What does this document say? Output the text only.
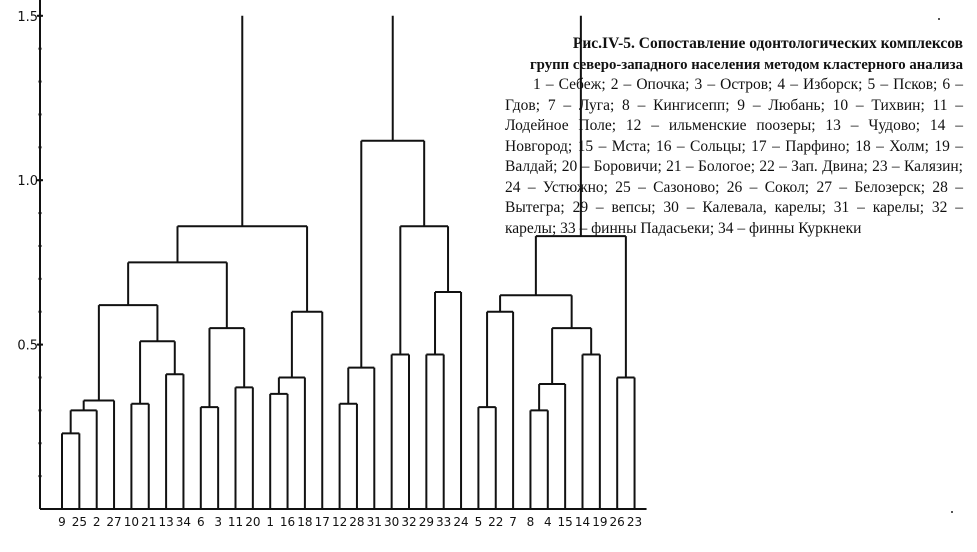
0.5
1.0
1.5
9 25 2 27 10 21 13 34 6 3 11 20 1 16 18 17 12 28 31 30 32 29 33 24 5 22 7 8 4 15 14 19 26 23
Рис.IV-5. Сопоставление одонтологических комплексов
групп северо-западного населения методом кластерного анализа
1 – Себеж; 2 – Опочка; 3 – Остров; 4 – Изборск; 5 – Псков; 6 – Гдов; 7 – Луга; 8 – Кингисепп; 9 – Любань; 10 – Тихвин; 11 – Лодейное Поле; 12 – ильменские поозеры; 13 – Чудово; 14 – Новгород; 15 – Мста; 16 – Сольцы; 17 – Парфино; 18 – Холм; 19 – Валдай; 20 – Боровичи; 21 – Бологое; 22 – Зап. Двина; 23 – Калязин; 24 – Устюжно; 25 – Сазоново; 26 – Сокол; 27 – Белозерск; 28 – Вытегра; 29 – вепсы; 30 – Калевала, карелы; 31 – карелы; 32 – карелы; 33 – финны Падасьеки; 34 – финны Куркнеки
